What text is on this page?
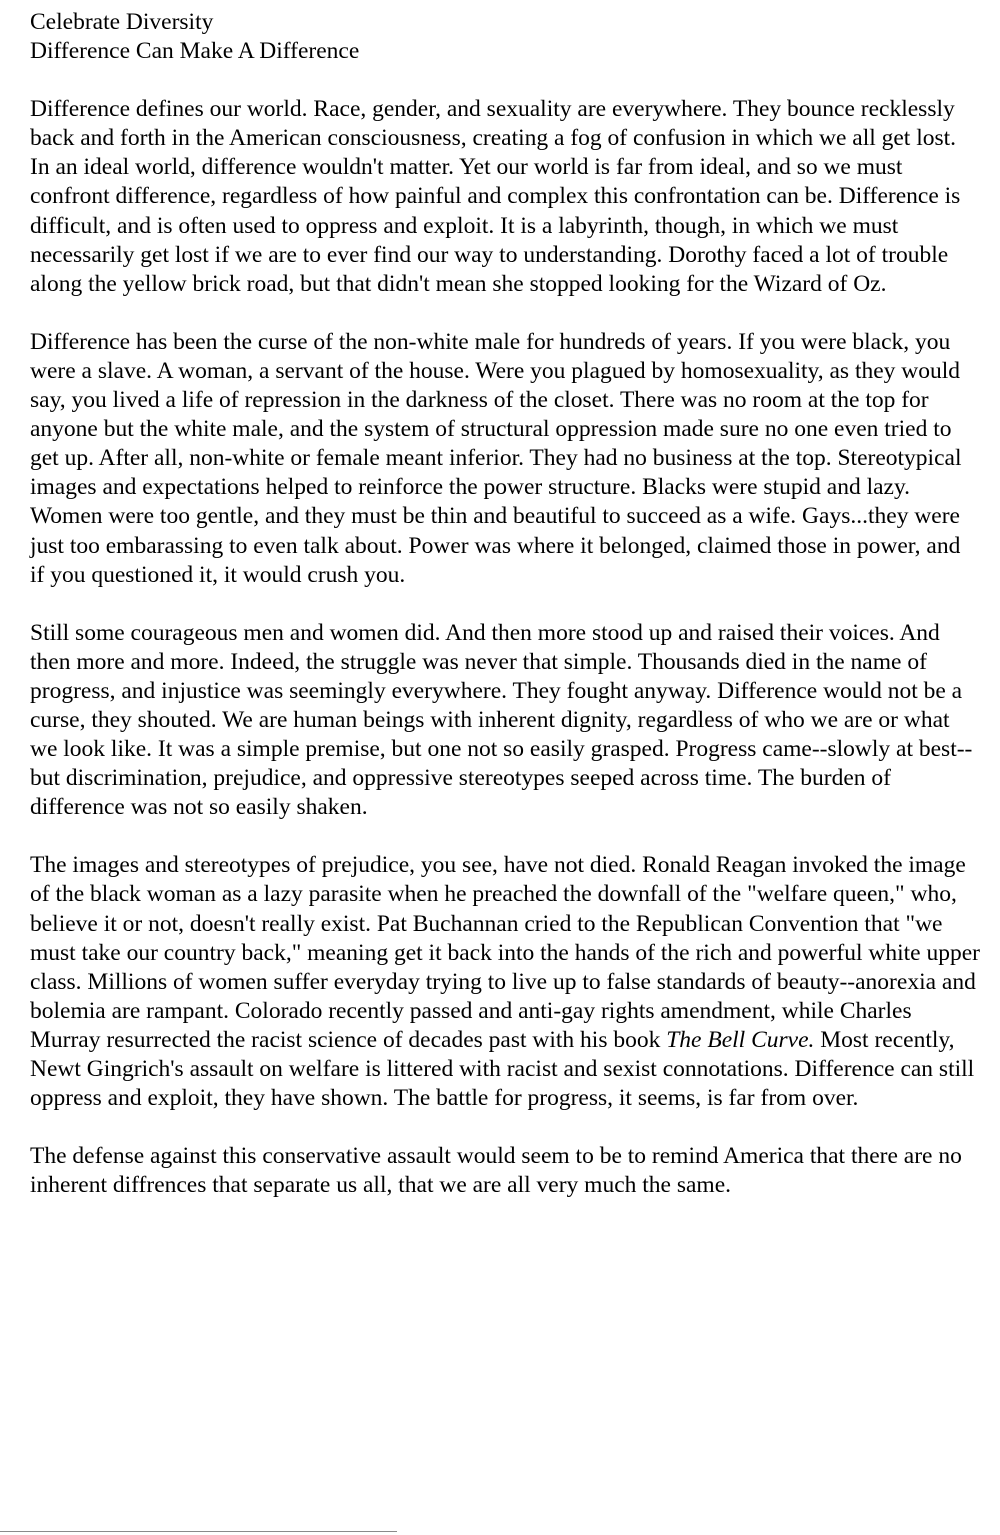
Celebrate Diversity
Difference Can Make A Difference

Difference defines our world. Race, gender, and sexuality are everywhere. They bounce recklessly back and forth in the American consciousness, creating a fog of confusion in which we all get lost. In an ideal world, difference wouldn't matter. Yet our world is far from ideal, and so we must confront difference, regardless of how painful and complex this confrontation can be. Difference is difficult, and is often used to oppress and exploit. It is a labyrinth, though, in which we must necessarily get lost if we are to ever find our way to understanding. Dorothy faced a lot of trouble along the yellow brick road, but that didn't mean she stopped looking for the Wizard of Oz.

Difference has been the curse of the non-white male for hundreds of years. If you were black, you were a slave. A woman, a servant of the house. Were you plagued by homosexuality, as they would say, you lived a life of repression in the darkness of the closet. There was no room at the top for anyone but the white male, and the system of structural oppression made sure no one even tried to get up. After all, non-white or female meant inferior. They had no business at the top. Stereotypical images and expectations helped to reinforce the power structure. Blacks were stupid and lazy. Women were too gentle, and they must be thin and beautiful to succeed as a wife. Gays...they were just too embarassing to even talk about. Power was where it belonged, claimed those in power, and if you questioned it, it would crush you.

Still some courageous men and women did. And then more stood up and raised their voices. And then more and more. Indeed, the struggle was never that simple. Thousands died in the name of progress, and injustice was seemingly everywhere. They fought anyway. Difference would not be a curse, they shouted. We are human beings with inherent dignity, regardless of who we are or what we look like. It was a simple premise, but one not so easily grasped. Progress came--slowly at best--but discrimination, prejudice, and oppressive stereotypes seeped across time. The burden of difference was not so easily shaken.

The images and stereotypes of prejudice, you see, have not died. Ronald Reagan invoked the image of the black woman as a lazy parasite when he preached the downfall of the "welfare queen," who, believe it or not, doesn't really exist. Pat Buchannan cried to the Republican Convention that "we must take our country back," meaning get it back into the hands of the rich and powerful white upper class. Millions of women suffer everyday trying to live up to false standards of beauty--anorexia and bolemia are rampant. Colorado recently passed and anti-gay rights amendment, while Charles Murray resurrected the racist science of decades past with his book The Bell Curve. Most recently, Newt Gingrich's assault on welfare is littered with racist and sexist connotations. Difference can still oppress and exploit, they have shown. The battle for progress, it seems, is far from over.

The defense against this conservative assault would seem to be to remind America that there are no inherent diffrences that separate us all, that we are all very much the same.
